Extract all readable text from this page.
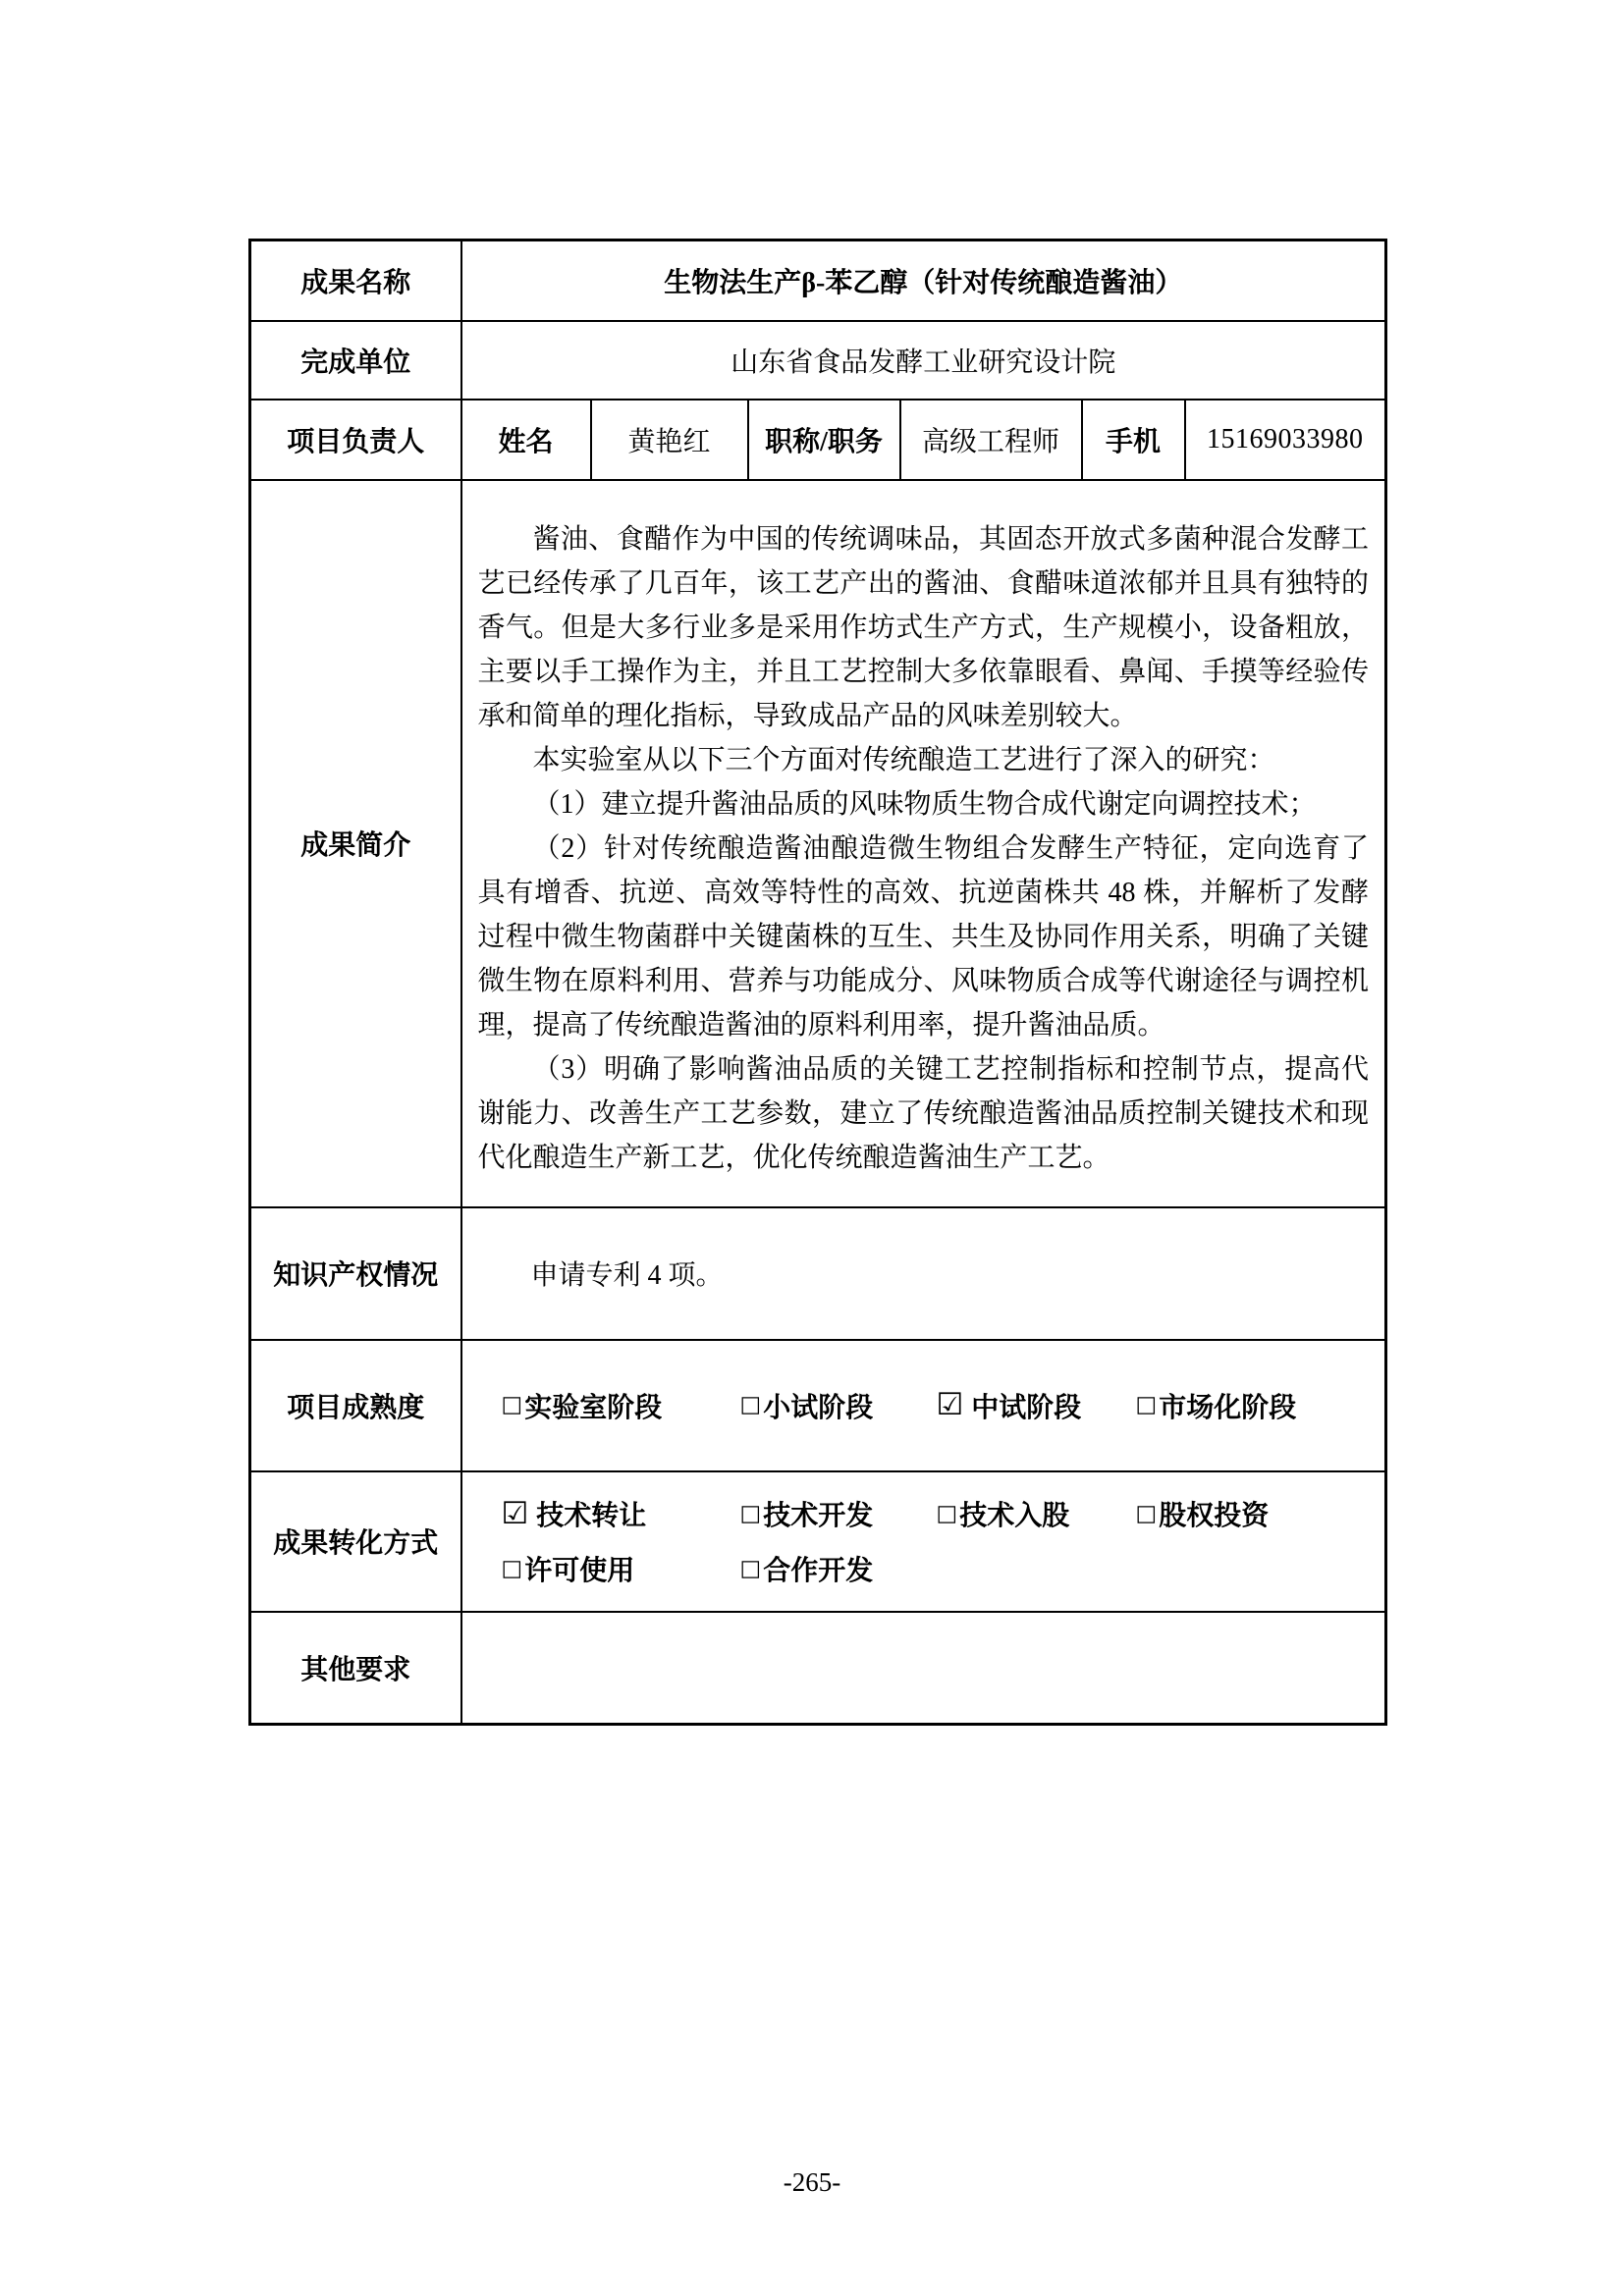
成果名称	生物法生产β-苯乙醇（针对传统酿造酱油）					
完成单位	山东省食品发酵工业研究设计院					
项目负责人	姓名	黄艳红	职称/职务	高级工程师	手机	15169033980
成果简介	酱油、食醋作为中国的传统调味品，其固态开放式多菌种混合发酵工艺已经传承了几百年，该工艺产出的酱油、食醋味道浓郁并且具有独特的香气。但是大多行业多是采用作坊式生产方式，生产规模小，设备粗放，主要以手工操作为主，并且工艺控制大多依靠眼看、鼻闻、手摸等经验传承和简单的理化指标，导致成品产品的风味差别较大。

本实验室从以下三个方面对传统酿造工艺进行了深入的研究：

（1）建立提升酱油品质的风味物质生物合成代谢定向调控技术；

（2）针对传统酿造酱油酿造微生物组合发酵生产特征，定向选育了具有增香、抗逆、高效等特性的高效、抗逆菌株共 48 株，并解析了发酵过程中微生物菌群中关键菌株的互生、共生及协同作用关系，明确了关键微生物在原料利用、营养与功能成分、风味物质合成等代谢途径与调控机理，提高了传统酿造酱油的原料利用率，提升酱油品质。

（3）明确了影响酱油品质的关键工艺控制指标和控制节点，提高代谢能力、改善生产工艺参数，建立了传统酿造酱油品质控制关键技术和现代化酿造生产新工艺，优化传统酿造酱油生产工艺。					

知识产权情况	申请专利 4 项。					
项目成熟度	□ 实验室阶段	□ 小试阶段 ☑ 中试阶段 □ 市场化阶段

成果转化方式	
☑ 技术转让	□ 技术开发	□ 技术入股	□ 股权投资
□ 许可使用	□ 合作开发

其他要求						
-265-
